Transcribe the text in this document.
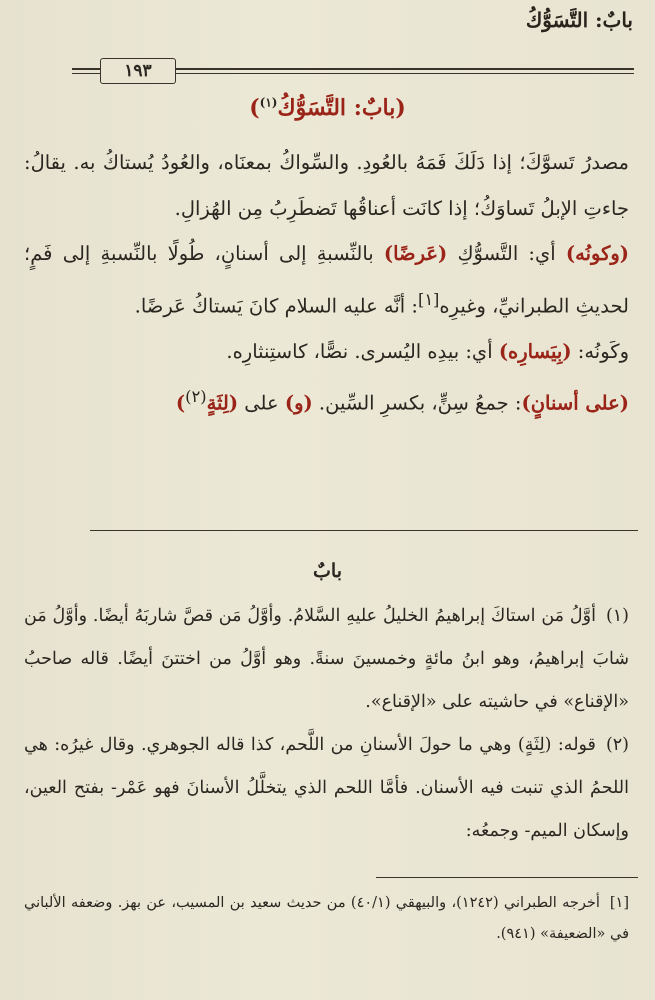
بابٌ: التَّسَوُّكُ
١٩٣
(بابٌ: التَّسَوُّكُ$^{(١)}$)

مصدرُ تَسوَّكَ؛ إذا دَلَكَ فَمَهُ بالعُودِ. والسِّواكُ بمعنَاه، والعُودُ يُستاكُ به. يقالُ: جاءتِ الإبلُ تَساوَكُ؛ إذا كانَت أعناقُها تَضطَرِبُ مِن الهُزالِ.

(وكونُه) أي: التَّسوُّكِ (عَرضًا) بالنِّسبةِ إلى أسنانٍ، طُولًا بالنِّسبةِ إلى فَمٍ؛ لحديثِ الطبرانيِّ، وغيرِه[١]: أنَّه عليه السلام كانَ يَستاكُ عَرضًا.

وكَونُه: (بِيَسارِه) أي: بيدِه اليُسرى. نصًّا، كاستِنثارِه.

(على أسنانٍ): جمعُ سِنٍّ، بكسرِ السِّين. (و) على (لِثَةٍ$^{(٢)}$)

بابٌ

(١)أوَّلُ مَن استاكَ إبراهيمُ الخليلُ عليهِ السَّلامُ. وأوَّلُ مَن قصَّ شاربَهُ أيضًا. وأوَّلُ مَن شابَ إبراهيمُ، وهو ابنُ مائةٍ وخمسينَ سنةً. وهو أوَّلُ من اختتنَ أيضًا. قاله صاحبُ «الإقناع» في حاشيته على «الإقناع».

(٢)قوله: (لِثَةٍ) وهي ما حولَ الأسنانِ من اللَّحم، كذا قاله الجوهري. وقال غيرُه: هي اللحمُ الذي تنبت فيه الأسنان. فأمَّا اللحم الذي يتخلَّلُ الأسنانَ فهو عَمْر- بفتح العين، وإسكان الميم- وجمعُه:

[١]أخرجه الطبراني (١٢٤٢)، والبيهقي (٤٠/١) من حديث سعيد بن المسيب، عن بهز. وضعفه الألباني في «الضعيفة» (٩٤١).
